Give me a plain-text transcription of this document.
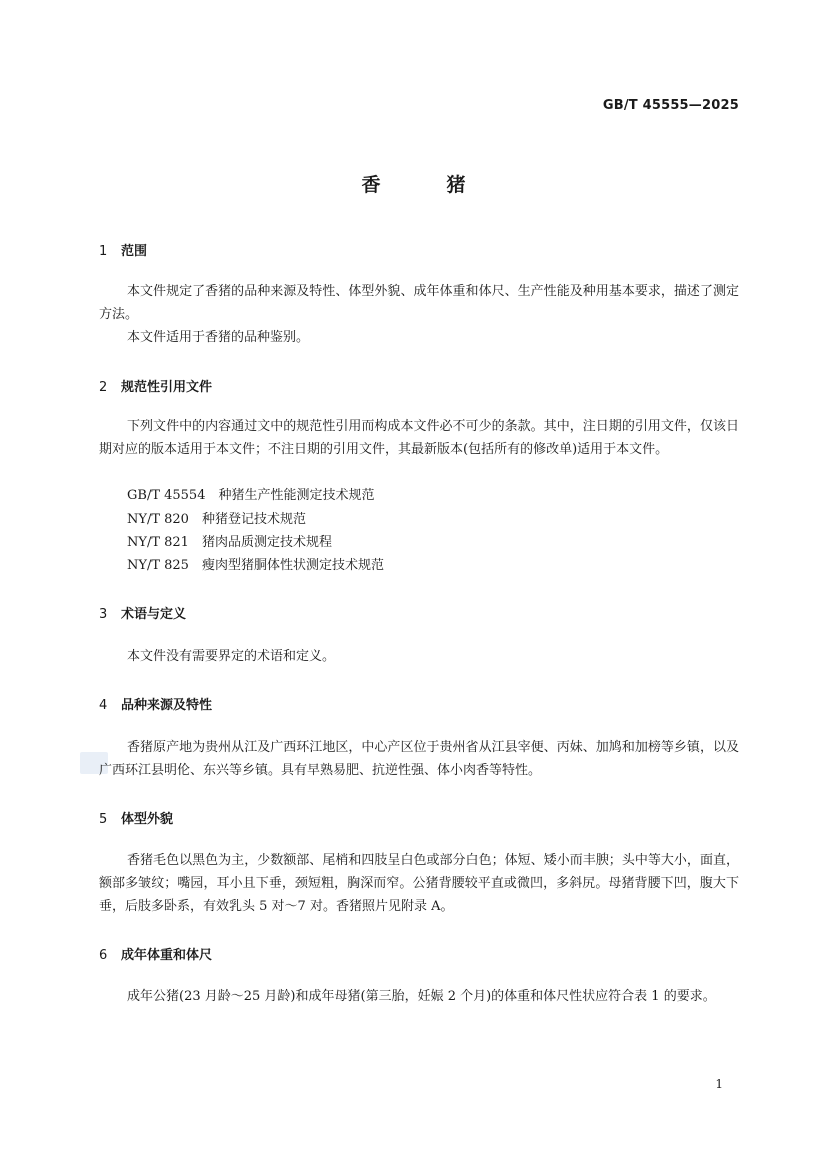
GB/T 45555—2025
香猪
1 范围

本文件规定了香猪的品种来源及特性、体型外貌、成年体重和体尺、生产性能及种用基本要求，描述了测定方法。

本文件适用于香猪的品种鉴别。

2 规范性引用文件

下列文件中的内容通过文中的规范性引用而构成本文件必不可少的条款。其中，注日期的引用文件，仅该日期对应的版本适用于本文件；不注日期的引用文件，其最新版本(包括所有的修改单)适用于本文件。

GB/T 45554　种猪生产性能测定技术规范
NY/T 820　种猪登记技术规范
NY/T 821　猪肉品质测定技术规程
NY/T 825　瘦肉型猪胴体性状测定技术规范
3 术语与定义

本文件没有需要界定的术语和定义。

4 品种来源及特性

香猪原产地为贵州从江及广西环江地区，中心产区位于贵州省从江县宰便、丙妹、加鸠和加榜等乡镇，以及广西环江县明伦、东兴等乡镇。具有早熟易肥、抗逆性强、体小肉香等特性。

5 体型外貌

香猪毛色以黑色为主，少数额部、尾梢和四肢呈白色或部分白色；体短、矮小而丰腴；头中等大小，面直，额部多皱纹；嘴园，耳小且下垂，颈短粗，胸深而窄。公猪背腰较平直或微凹，多斜尻。母猪背腰下凹，腹大下垂，后肢多卧系，有效乳头 5 对～7 对。香猪照片见附录 A。

6 成年体重和体尺

成年公猪(23 月龄～25 月龄)和成年母猪(第三胎，妊娠 2 个月)的体重和体尺性状应符合表 1 的要求。

1
